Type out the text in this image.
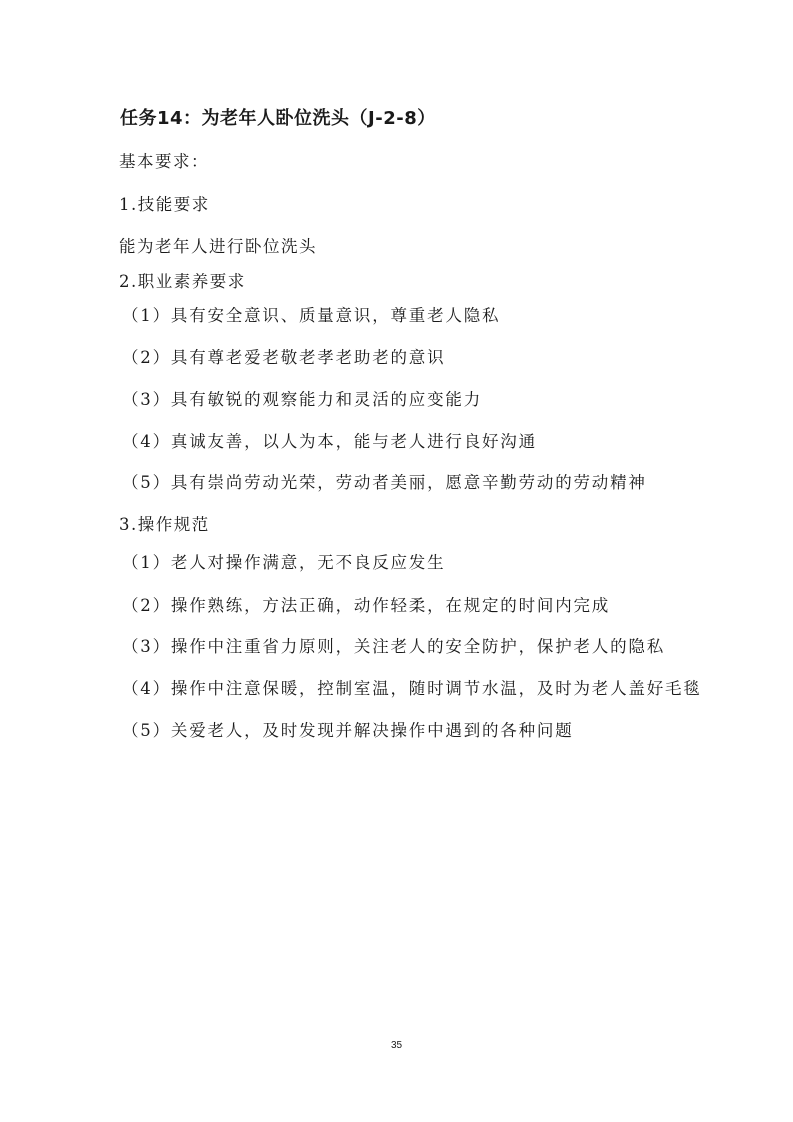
任务14：为老年人卧位洗头（J-2-8）
基本要求：
1.技能要求
能为老年人进行卧位洗头
2.职业素养要求
（1）具有安全意识、质量意识，尊重老人隐私
（2）具有尊老爱老敬老孝老助老的意识
（3）具有敏锐的观察能力和灵活的应变能力
（4）真诚友善，以人为本，能与老人进行良好沟通
（5）具有崇尚劳动光荣，劳动者美丽，愿意辛勤劳动的劳动精神
3.操作规范
（1）老人对操作满意，无不良反应发生
（2）操作熟练，方法正确，动作轻柔，在规定的时间内完成
（3）操作中注重省力原则，关注老人的安全防护，保护老人的隐私
（4）操作中注意保暖，控制室温，随时调节水温，及时为老人盖好毛毯
（5）关爱老人，及时发现并解决操作中遇到的各种问题
35
